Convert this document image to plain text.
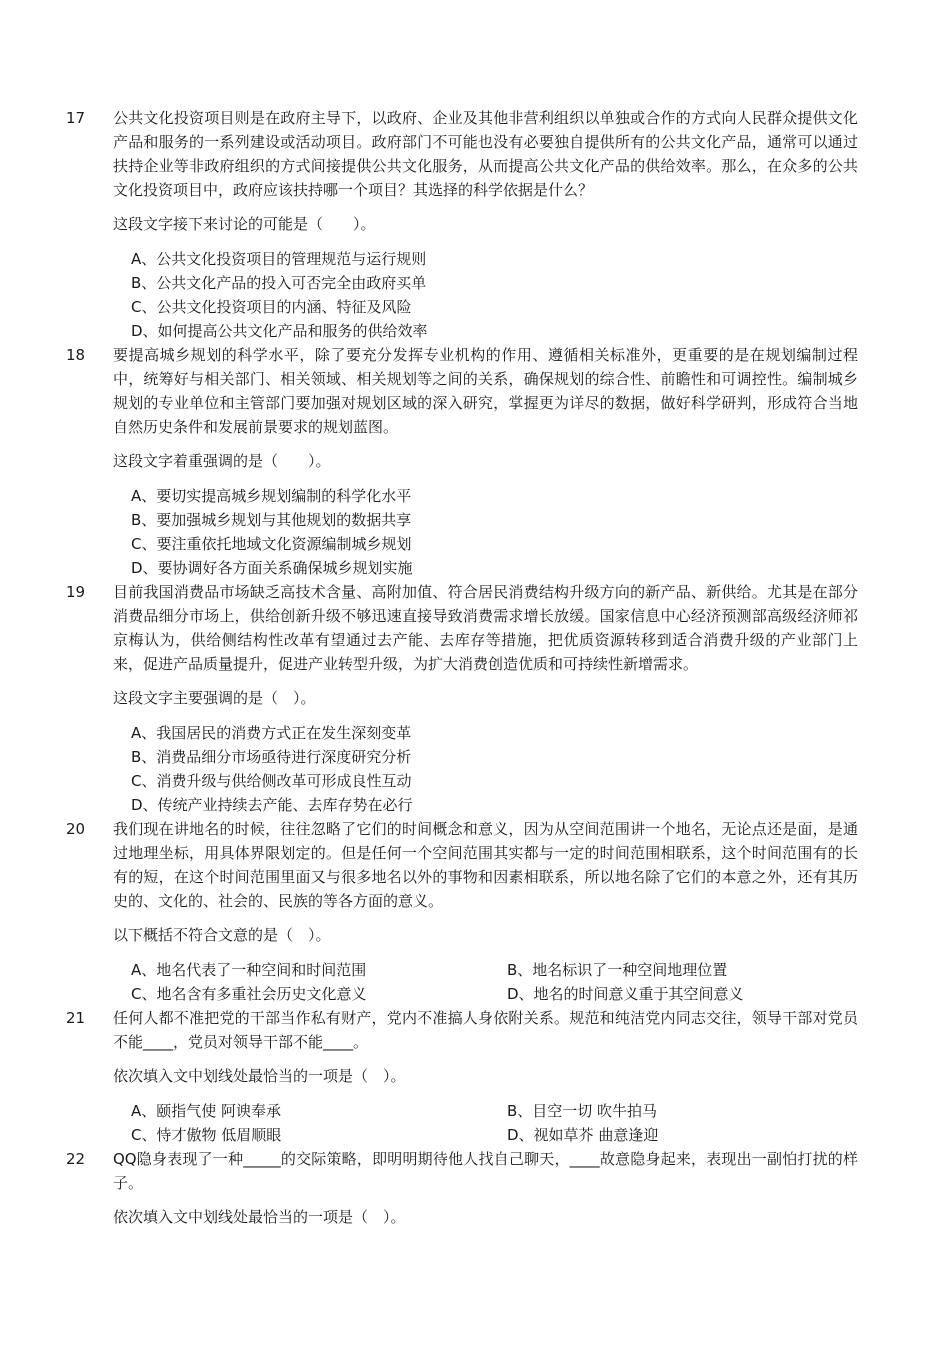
17 公共文化投资项目则是在政府主导下，以政府、企业及其他非营利组织以单独或合作的方式向人民群众提供文化产品和服务的一系列建设或活动项目。政府部门不可能也没有必要独自提供所有的公共文化产品，通常可以通过扶持企业等非政府组织的方式间接提供公共文化服务，从而提高公共文化产品的供给效率。那么，在众多的公共文化投资项目中，政府应该扶持哪一个项目？其选择的科学依据是什么？
这段文字接下来讨论的可能是（　　）。
A、公共文化投资项目的管理规范与运行规则
B、公共文化产品的投入可否完全由政府买单
C、公共文化投资项目的内涵、特征及风险
D、如何提高公共文化产品和服务的供给效率
18 要提高城乡规划的科学水平，除了要充分发挥专业机构的作用、遵循相关标准外，更重要的是在规划编制过程中，统筹好与相关部门、相关领域、相关规划等之间的关系，确保规划的综合性、前瞻性和可调控性。编制城乡规划的专业单位和主管部门要加强对规划区域的深入研究，掌握更为详尽的数据，做好科学研判，形成符合当地自然历史条件和发展前景要求的规划蓝图。
这段文字着重强调的是（　　）。
A、要切实提高城乡规划编制的科学化水平
B、要加强城乡规划与其他规划的数据共享
C、要注重依托地域文化资源编制城乡规划
D、要协调好各方面关系确保城乡规划实施
19 目前我国消费品市场缺乏高技术含量、高附加值、符合居民消费结构升级方向的新产品、新供给。尤其是在部分消费品细分市场上，供给创新升级不够迅速直接导致消费需求增长放缓。国家信息中心经济预测部高级经济师祁京梅认为，供给侧结构性改革有望通过去产能、去库存等措施，把优质资源转移到适合消费升级的产业部门上来，促进产品质量提升，促进产业转型升级，为扩大消费创造优质和可持续性新增需求。
这段文字主要强调的是（　）。
A、我国居民的消费方式正在发生深刻变革
B、消费品细分市场亟待进行深度研究分析
C、消费升级与供给侧改革可形成良性互动
D、传统产业持续去产能、去库存势在必行
20 我们现在讲地名的时候，往往忽略了它们的时间概念和意义，因为从空间范围讲一个地名，无论点还是面，是通过地理坐标，用具体界限划定的。但是任何一个空间范围其实都与一定的时间范围相联系，这个时间范围有的长有的短，在这个时间范围里面又与很多地名以外的事物和因素相联系，所以地名除了它们的本意之外，还有其历史的、文化的、社会的、民族的等各方面的意义。
以下概括不符合文意的是（　）。
A、地名代表了一种空间和时间范围	B、地名标识了一种空间地理位置
C、地名含有多重社会历史文化意义	D、地名的时间意义重于其空间意义
21 任何人都不准把党的干部当作私有财产，党内不准搞人身依附关系。规范和纯洁党内同志交往，领导干部对党员不能____，党员对领导干部不能____。
依次填入文中划线处最恰当的一项是（　）。
A、颐指气使 阿谀奉承	B、目空一切 吹牛拍马
C、恃才傲物 低眉顺眼	D、视如草芥 曲意逢迎
22 QQ隐身表现了一种_____的交际策略，即明明期待他人找自己聊天，____故意隐身起来，表现出一副怕打扰的样子。
依次填入文中划线处最恰当的一项是（　）。
